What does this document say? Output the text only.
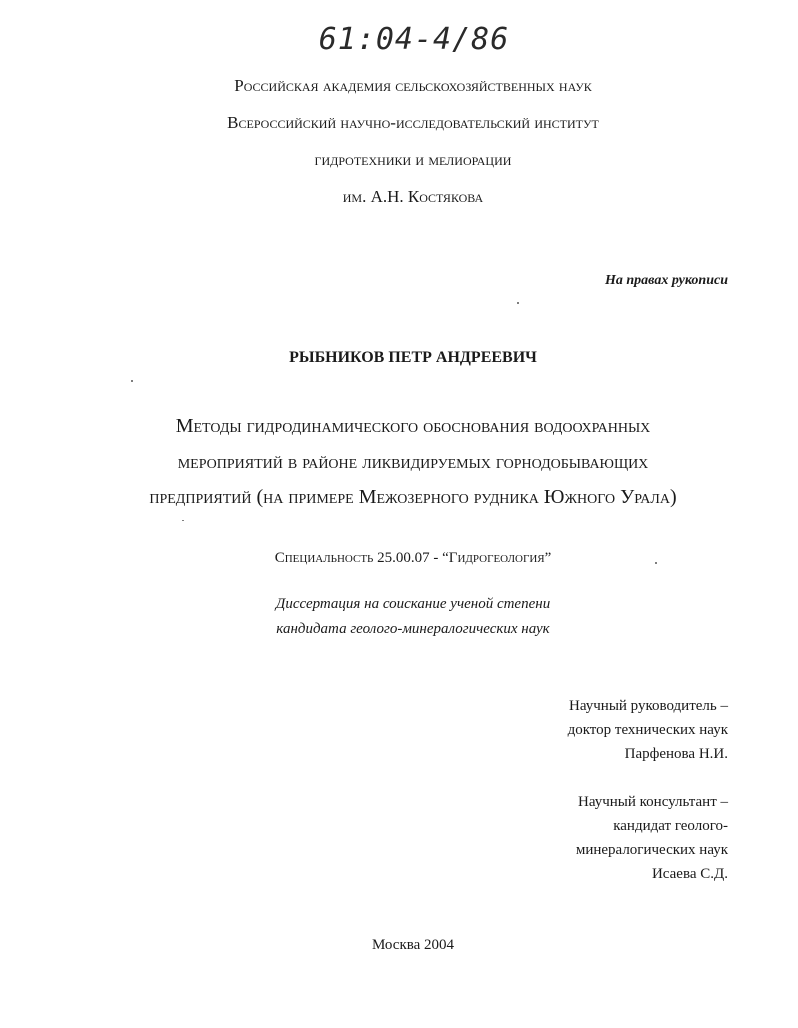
61:04-4/86
Российская академия сельскохозяйственных наук
Всероссийский научно-исследовательский институт
гидротехники и мелиорации
им. А.Н. Костякова
На правах рукописи
РЫБНИКОВ ПЕТР АНДРЕЕВИЧ
Методы гидродинамического обоснования водоохранных
мероприятий в районе ликвидируемых горнодобывающих
предприятий (на примере Межозерного рудника Южного Урала)
Специальность 25.00.07 - “Гидрогеология”
Диссертация на соискание ученой степени
кандидата геолого-минералогических наук
Научный руководитель –
доктор технических наук
Парфенова Н.И.
Научный консультант –
кандидат геолого-
минералогических наук
Исаева С.Д.
Москва 2004
